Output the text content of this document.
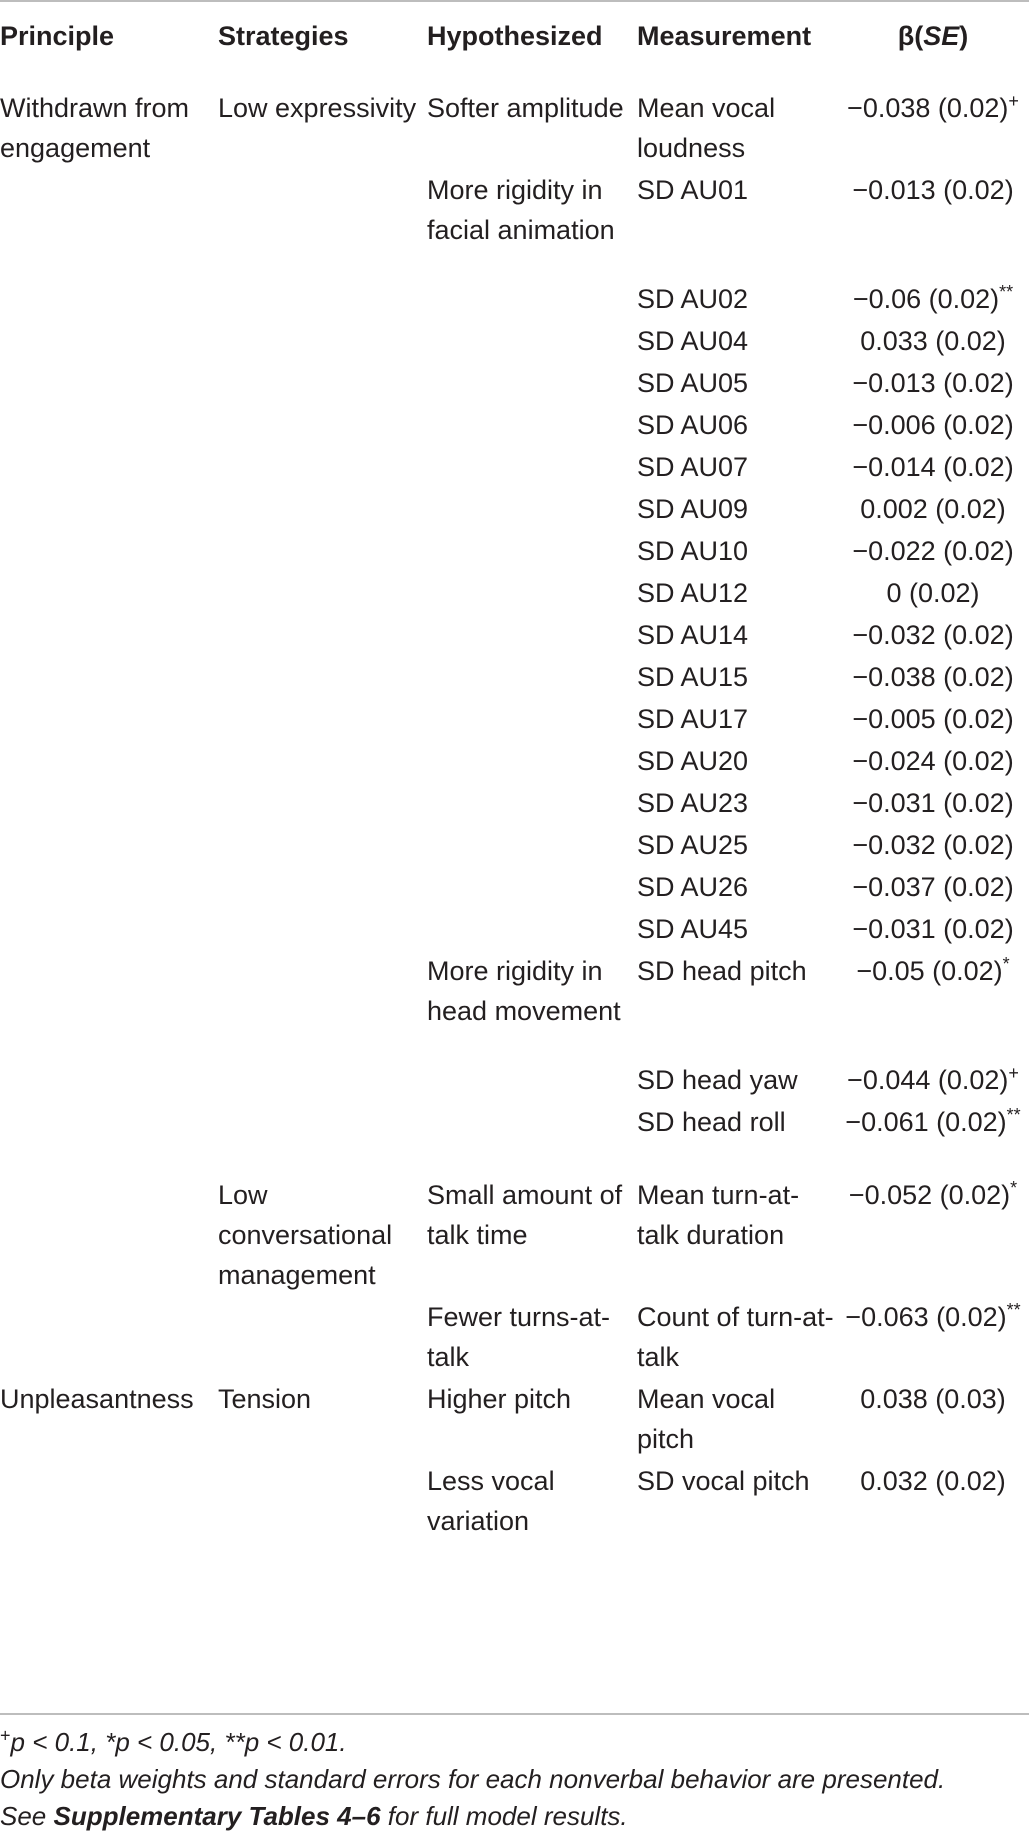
Principle	Strategies	Hypothesized	Measurement	β(SE)
Withdrawn from engagement	Low expressivity	Softer amplitude	Mean vocal loudness	−0.038 (0.02)+
		More rigidity in facial animation	SD AU01	−0.013 (0.02)
			SD AU02	−0.06 (0.02)**
			SD AU04	0.033 (0.02)
			SD AU05	−0.013 (0.02)
			SD AU06	−0.006 (0.02)
			SD AU07	−0.014 (0.02)
			SD AU09	0.002 (0.02)
			SD AU10	−0.022 (0.02)
			SD AU12	0 (0.02)
			SD AU14	−0.032 (0.02)
			SD AU15	−0.038 (0.02)
			SD AU17	−0.005 (0.02)
			SD AU20	−0.024 (0.02)
			SD AU23	−0.031 (0.02)
			SD AU25	−0.032 (0.02)
			SD AU26	−0.037 (0.02)
			SD AU45	−0.031 (0.02)
		More rigidity in head movement	SD head pitch	−0.05 (0.02)*
			SD head yaw	−0.044 (0.02)+
			SD head roll	−0.061 (0.02)**
	Low conversational management	Small amount of talk time	Mean turn-at-talk duration	−0.052 (0.02)*
		Fewer turns-at-talk	Count of turn-at-talk	−0.063 (0.02)**
Unpleasantness	Tension	Higher pitch	Mean vocal pitch	0.038 (0.03)
		Less vocal variation	SD vocal pitch	0.032 (0.02)
+p < 0.1, *p < 0.05, **p < 0.01.
Only beta weights and standard errors for each nonverbal behavior are presented.
See Supplementary Tables 4–6 for full model results.
